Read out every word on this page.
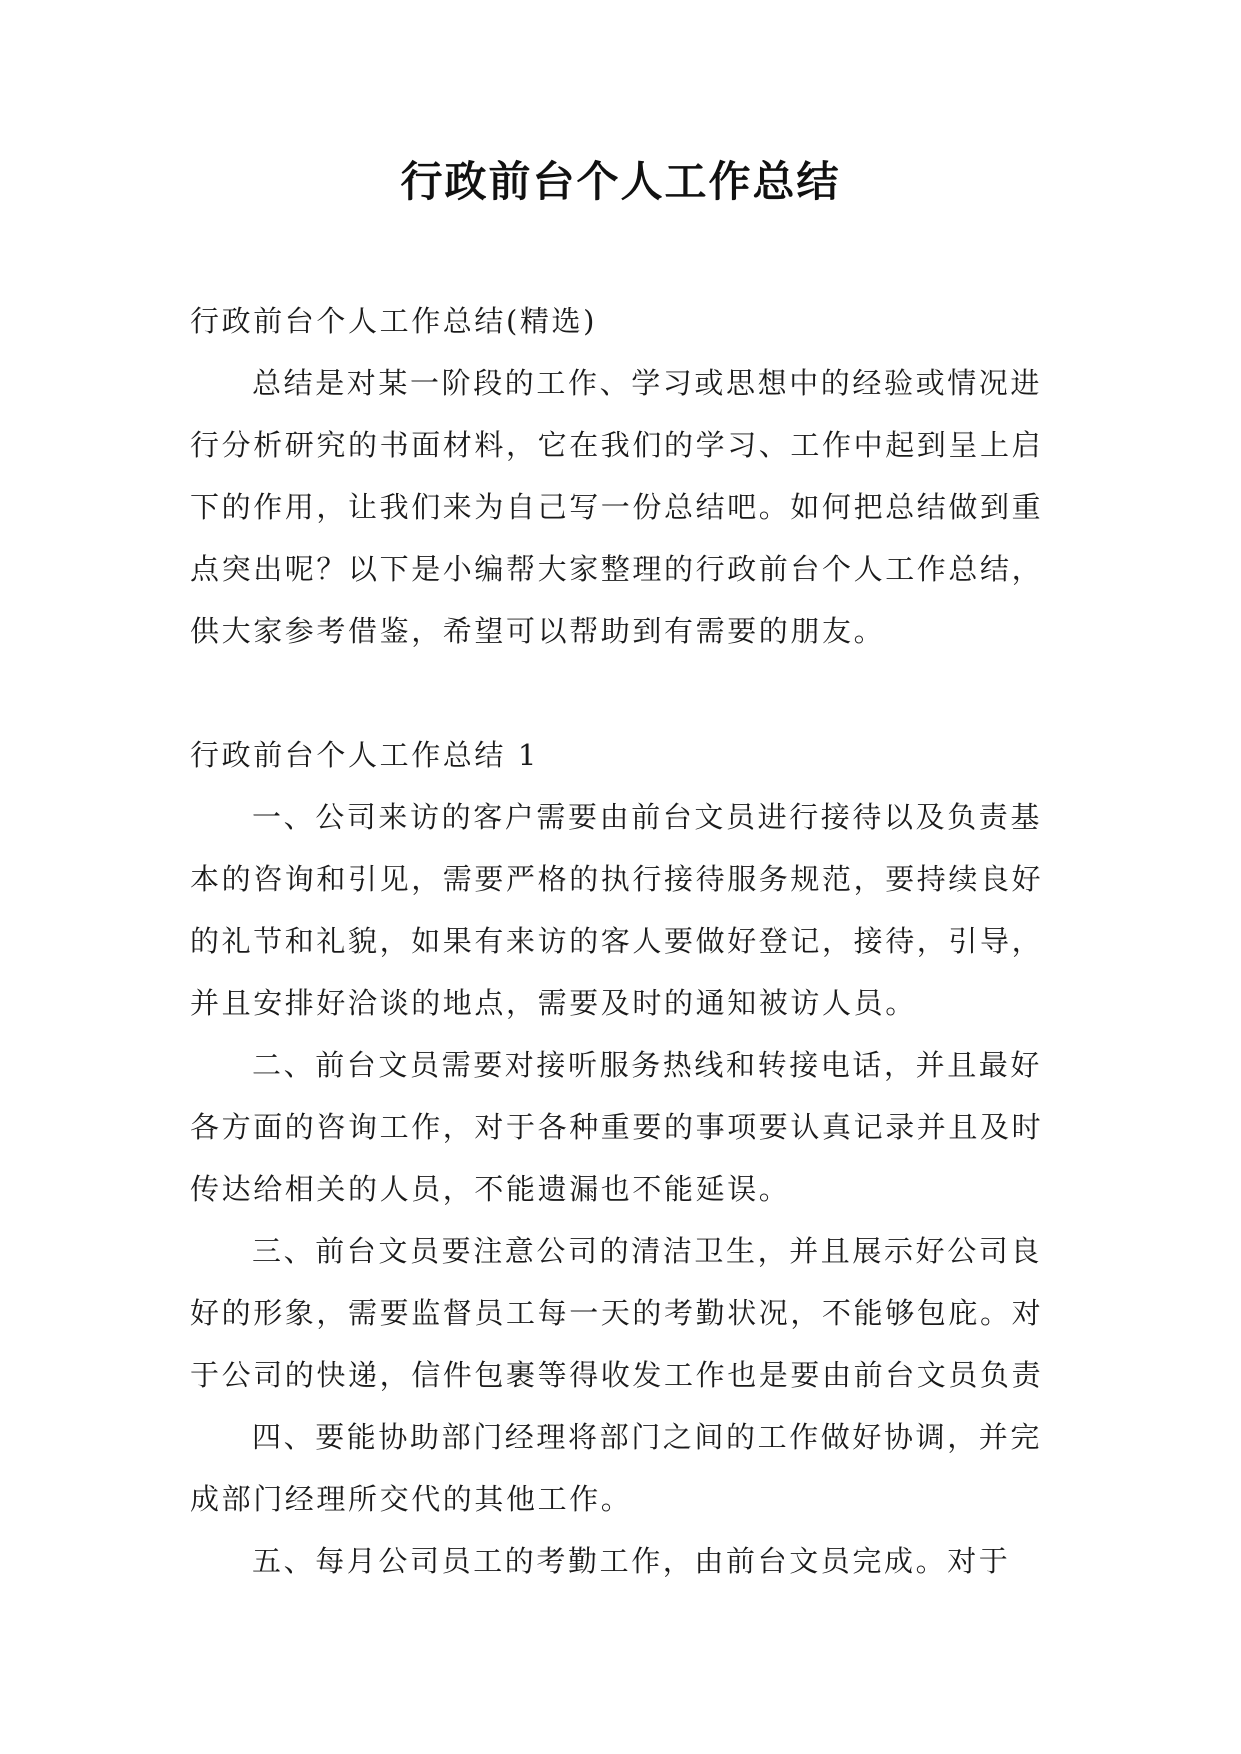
行政前台个人工作总结

行政前台个人工作总结(精选)

总结是对某一阶段的工作、学习或思想中的经验或情况进行分析研究的书面材料，它在我们的学习、工作中起到呈上启下的作用，让我们来为自己写一份总结吧。如何把总结做到重点突出呢？以下是小编帮大家整理的行政前台个人工作总结，供大家参考借鉴，希望可以帮助到有需要的朋友。

行政前台个人工作总结 1

一、公司来访的客户需要由前台文员进行接待以及负责基本的咨询和引见，需要严格的执行接待服务规范，要持续良好的礼节和礼貌，如果有来访的客人要做好登记，接待，引导，并且安排好洽谈的地点，需要及时的通知被访人员。

二、前台文员需要对接听服务热线和转接电话，并且最好各方面的咨询工作，对于各种重要的事项要认真记录并且及时传达给相关的人员，不能遗漏也不能延误。

三、前台文员要注意公司的清洁卫生，并且展示好公司良好的形象，需要监督员工每一天的考勤状况，不能够包庇。对于公司的快递，信件包裹等得收发工作也是要由前台文员负责

四、要能协助部门经理将部门之间的工作做好协调，并完成部门经理所交代的其他工作。

五、每月公司员工的考勤工作，由前台文员完成。对于
